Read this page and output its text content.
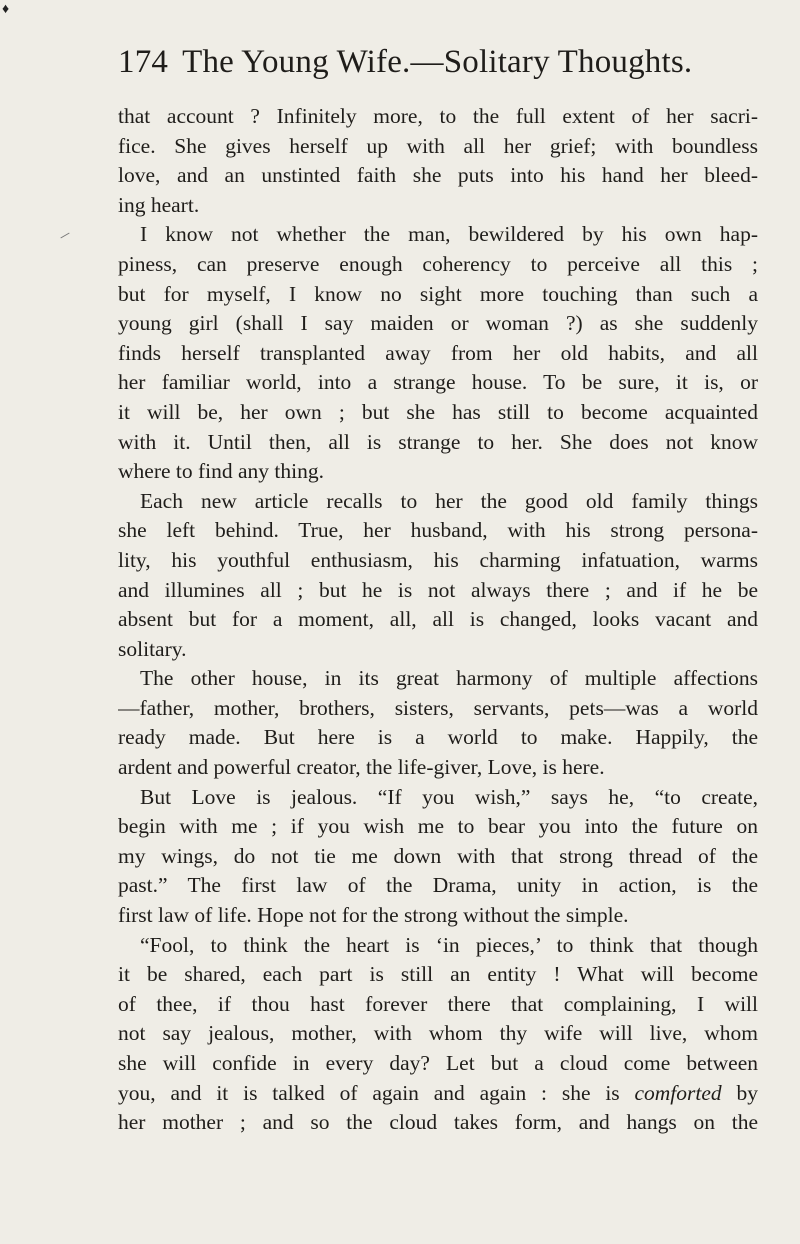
♦
174 The Young Wife.—Solitary Thoughts.
that account ? Infinitely more, to the full extent of her sacri-
fice. She gives herself up with all her grief; with boundless
love, and an unstinted faith she puts into his hand her bleed-
ing heart.
I know not whether the man, bewildered by his own hap-
piness, can preserve enough coherency to perceive all this ;
but for myself, I know no sight more touching than such a
young girl (shall I say maiden or woman ?) as she suddenly
finds herself transplanted away from her old habits, and all
her familiar world, into a strange house. To be sure, it is, or
it will be, her own ; but she has still to become acquainted
with it. Until then, all is strange to her. She does not know
where to find any thing.
Each new article recalls to her the good old family things
she left behind. True, her husband, with his strong persona-
lity, his youthful enthusiasm, his charming infatuation, warms
and illumines all ; but he is not always there ; and if he be
absent but for a moment, all, all is changed, looks vacant and
solitary.
The other house, in its great harmony of multiple affections
—father, mother, brothers, sisters, servants, pets—was a world
ready made. But here is a world to make. Happily, the
ardent and powerful creator, the life-giver, Love, is here.
But Love is jealous. “If you wish,” says he, “to create,
begin with me ; if you wish me to bear you into the future on
my wings, do not tie me down with that strong thread of the
past.” The first law of the Drama, unity in action, is the
first law of life. Hope not for the strong without the simple.
“Fool, to think the heart is ‘in pieces,’ to think that though
it be shared, each part is still an entity ! What will become
of thee, if thou hast forever there that complaining, I will
not say jealous, mother, with whom thy wife will live, whom
she will confide in every day? Let but a cloud come between
you, and it is talked of again and again : she is comforted by
her mother ; and so the cloud takes form, and hangs on the
